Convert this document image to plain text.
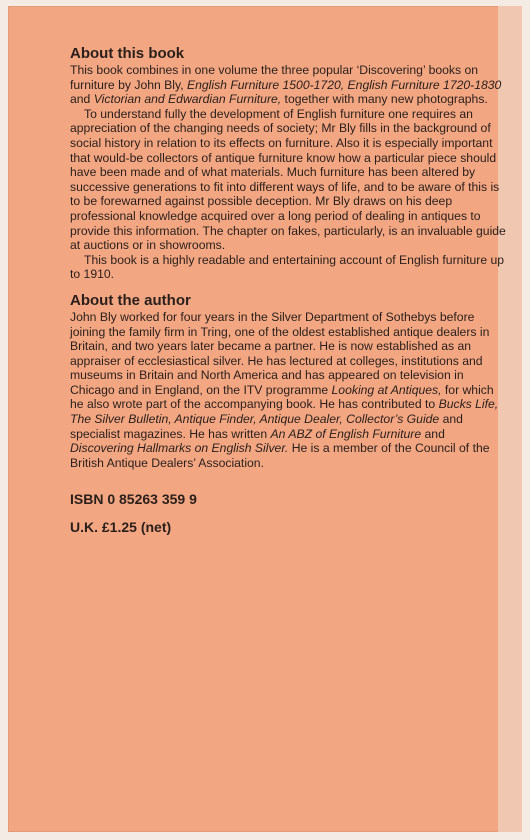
About this book

This book combines in one volume the three popular ‘Discovering’ books on furniture by John Bly, English Furniture 1500-1720, English Furniture 1720-1830 and Victorian and Edwardian Furniture, together with many new photographs.

To understand fully the development of English furniture one requires an appreciation of the changing needs of society; Mr Bly fills in the background of social history in relation to its effects on furniture. Also it is especially important that would-be collectors of antique furniture know how a particular piece should have been made and of what materials. Much furniture has been altered by successive generations to fit into different ways of life, and to be aware of this is to be forewarned against possible deception. Mr Bly draws on his deep professional knowledge acquired over a long period of dealing in antiques to provide this information. The chapter on fakes, particularly, is an invaluable guide at auctions or in showrooms.

This book is a highly readable and entertaining account of English furniture up to 1910.

About the author

John Bly worked for four years in the Silver Department of Sothebys before joining the family firm in Tring, one of the oldest established antique dealers in Britain, and two years later became a partner. He is now established as an appraiser of ecclesiastical silver. He has lectured at colleges, institutions and museums in Britain and North America and has appeared on television in Chicago and in England, on the ITV programme Looking at Antiques, for which he also wrote part of the accompanying book. He has contributed to Bucks Life, The Silver Bulletin, Antique Finder, Antique Dealer, Collector’s Guide and specialist magazines. He has written An ABZ of English Furniture and Discovering Hallmarks on English Silver. He is a member of the Council of the British Antique Dealers’ Association.

ISBN 0 85263 359 9
U.K. £1.25 (net)
